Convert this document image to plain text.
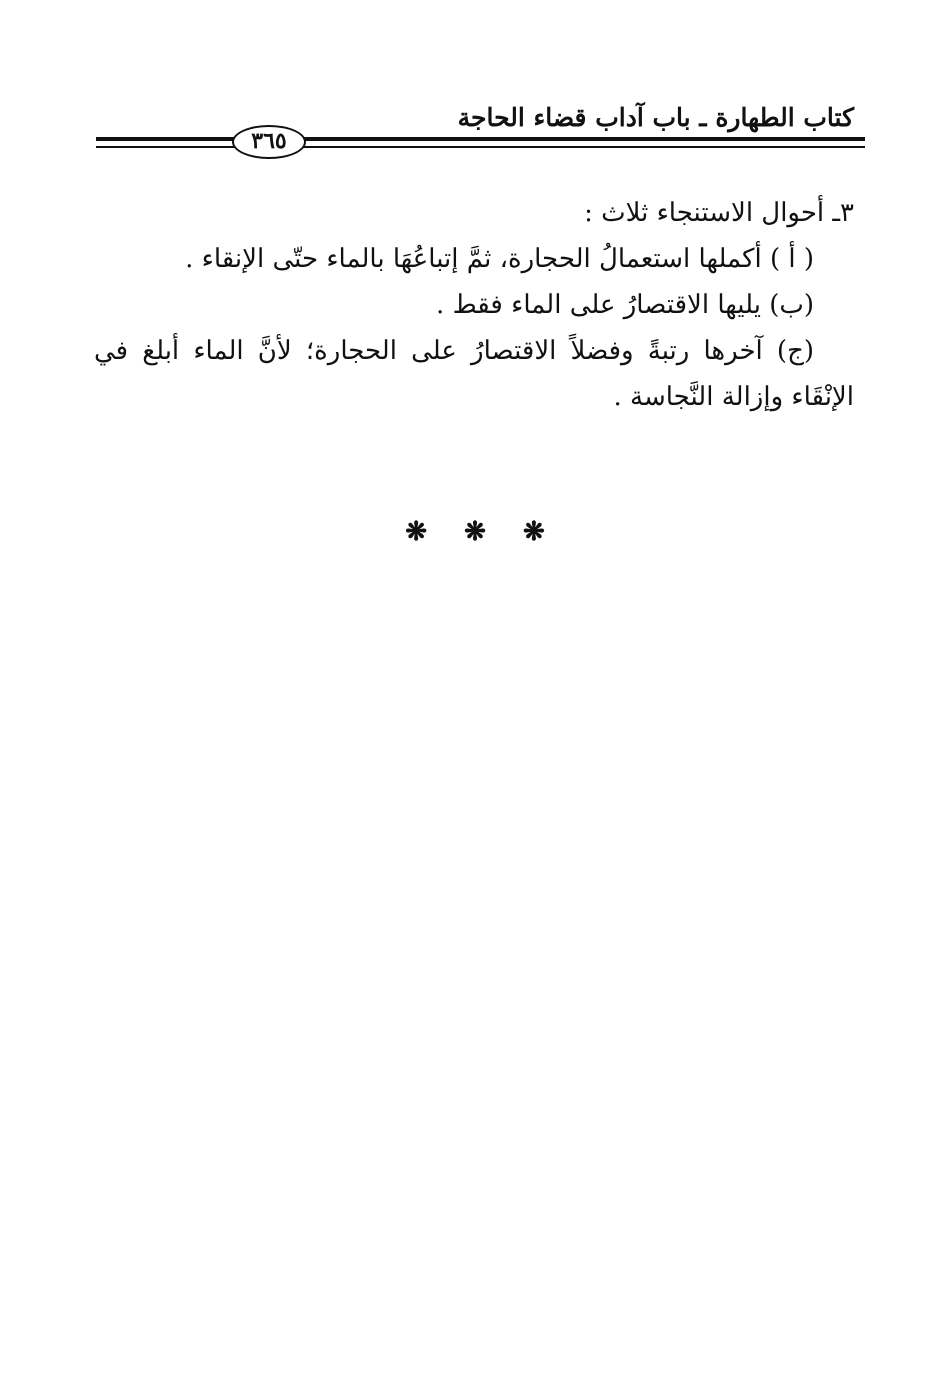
كتاب الطهارة ـ باب آداب قضاء الحاجة
٣٦٥
٣ـ أحوال الاستنجاء ثلاث :
( أ ) أكملها استعمالُ الحجارة، ثمَّ إتباعُهَا بالماء حتّى الإنقاء .
(ب) يليها الاقتصارُ على الماء فقط .
(ج) آخرها رتبةً وفضلاً الاقتصارُ على الحجارة؛ لأنَّ الماء أبلغ في
الإنْقَاء وإزالة النَّجاسة .
❋ ❋ ❋
